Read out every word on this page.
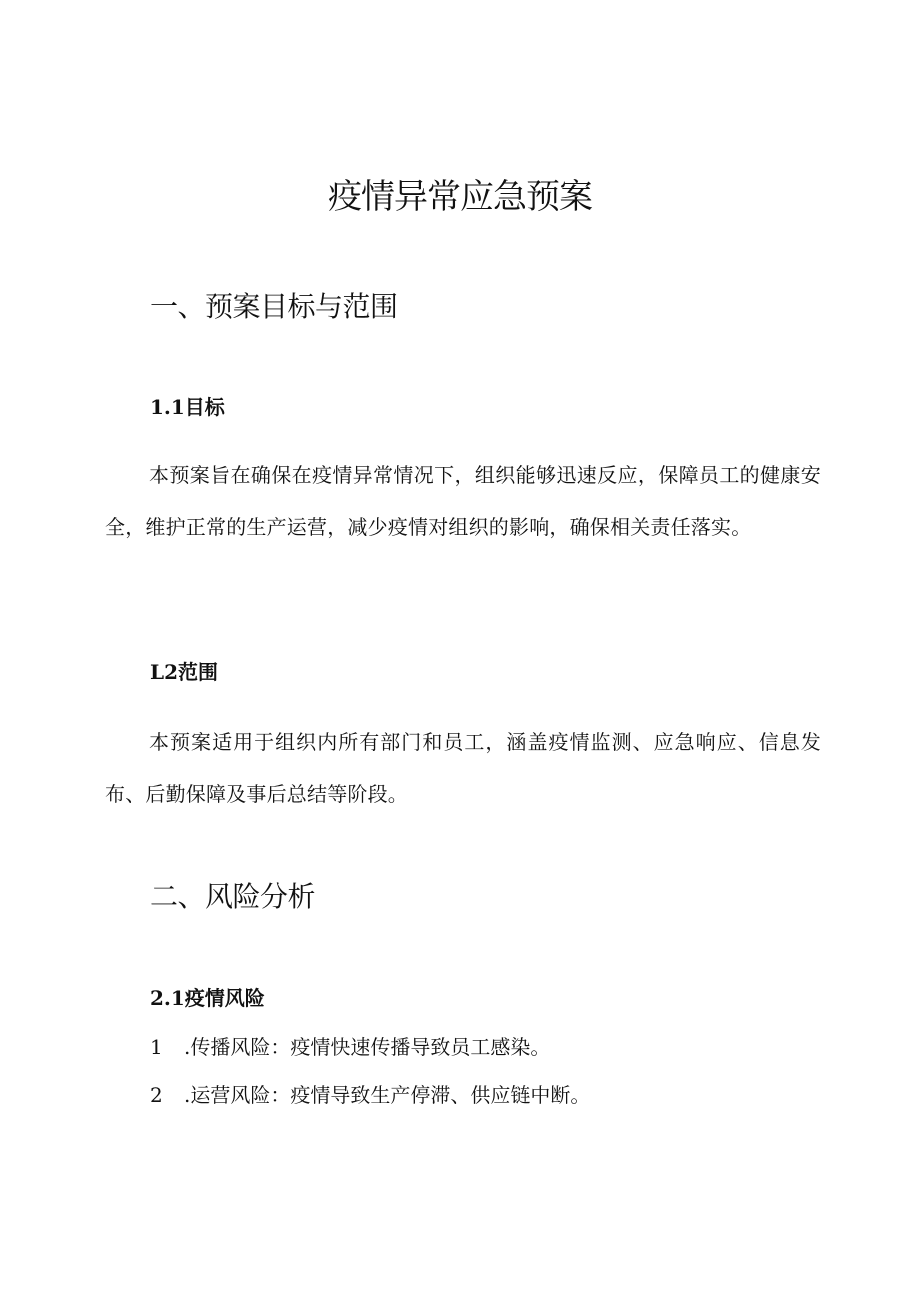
疫情异常应急预案
一、预案目标与范围
1.1目标

本预案旨在确保在疫情异常情况下，组织能够迅速反应，保障员工的健康安全，维护正常的生产运营，减少疫情对组织的影响，确保相关责任落实。

L2范围

本预案适用于组织内所有部门和员工，涵盖疫情监测、应急响应、信息发布、后勤保障及事后总结等阶段。

二、风险分析
2.1疫情风险
1 .传播风险：疫情快速传播导致员工感染。
2 .运营风险：疫情导致生产停滞、供应链中断。
